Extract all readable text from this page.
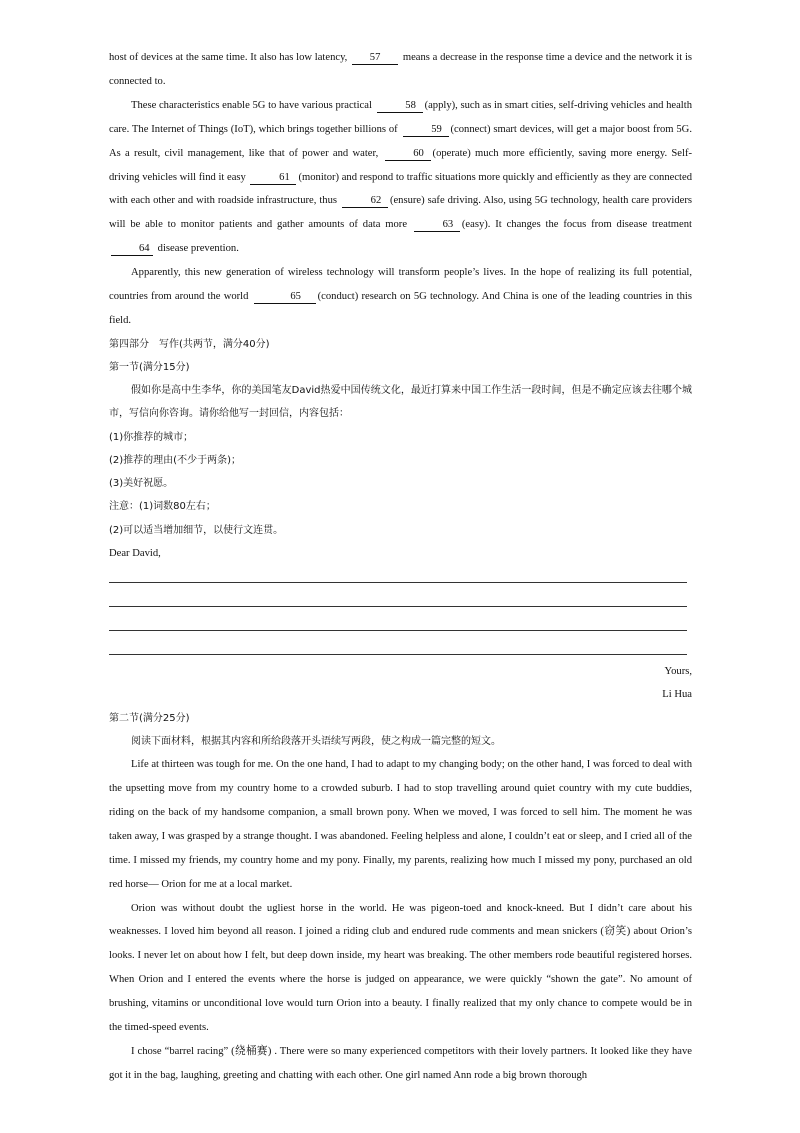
host of devices at the same time. It also has low latency, 57 means a decrease in the response time a device and the network it is connected to.

These characteristics enable 5G to have various practical	58 (apply), such as in smart cities, self-driving vehicles and health care. The Internet of Things (IoT), which brings together billions of	59 (connect) smart devices, will get a major boost from 5G. As a result, civil management, like that of power and water,	60 (operate) much more efficiently, saving more energy. Self-driving vehicles will find it easy	61 (monitor) and respond to traffic situations more quickly and efficiently as they are connected with each other and with roadside infrastructure, thus	62 (ensure) safe driving. Also, using 5G technology, health care providers will be able to monitor patients and gather amounts of data more	63 (easy). It changes the focus from disease treatment 64 disease prevention.

Apparently, this new generation of wireless technology will transform people’s lives. In the hope of realizing its full potential, countries from around the world	65 (conduct) research on 5G technology. And China is one of the leading countries in this field.

第四部分　写作(共两节，满分40分)

第一节(满分15分)

假如你是高中生李华，你的美国笔友David热爱中国传统文化，最近打算来中国工作生活一段时间，但是不确定应该去往哪个城市，写信向你咨询。请你给他写一封回信，内容包括：

(1)你推荐的城市；

(2)推荐的理由(不少于两条)；

(3)美好祝愿。

注意：(1)词数80左右；

(2)可以适当增加细节，以使行文连贯。

Dear David,

Yours,

Li Hua

第二节(满分25分)

阅读下面材料，根据其内容和所给段落开头语续写两段，使之构成一篇完整的短文。

Life at thirteen was tough for me. On the one hand, I had to adapt to my changing body; on the other hand, I was forced to deal with the upsetting move from my country home to a crowded suburb. I had to stop travelling around quiet country with my cute buddies, riding on the back of my handsome companion, a small brown pony. When we moved, I was forced to sell him. The moment he was taken away, I was grasped by a strange thought. I was abandoned. Feeling helpless and alone, I couldn’t eat or sleep, and I cried all of the time. I missed my friends, my country home and my pony. Finally, my parents, realizing how much I missed my pony, purchased an old red horse— Orion for me at a local market.

Orion was without doubt the ugliest horse in the world. He was pigeon-toed and knock-kneed. But I didn’t care about his weaknesses. I loved him beyond all reason. I joined a riding club and endured rude comments and mean snickers (窃笑) about Orion’s looks. I never let on about how I felt, but deep down inside, my heart was breaking. The other members rode beautiful registered horses. When Orion and I entered the events where the horse is judged on appearance, we were quickly “shown the gate”. No amount of brushing, vitamins or unconditional love would turn Orion into a beauty. I finally realized that my only chance to compete would be in the timed-speed events.

I chose “barrel racing” (绕桶赛) . There were so many experienced competitors with their lovely partners. It looked like they have got it in the bag, laughing, greeting and chatting with each other. One girl named Ann rode a big brown thorough
